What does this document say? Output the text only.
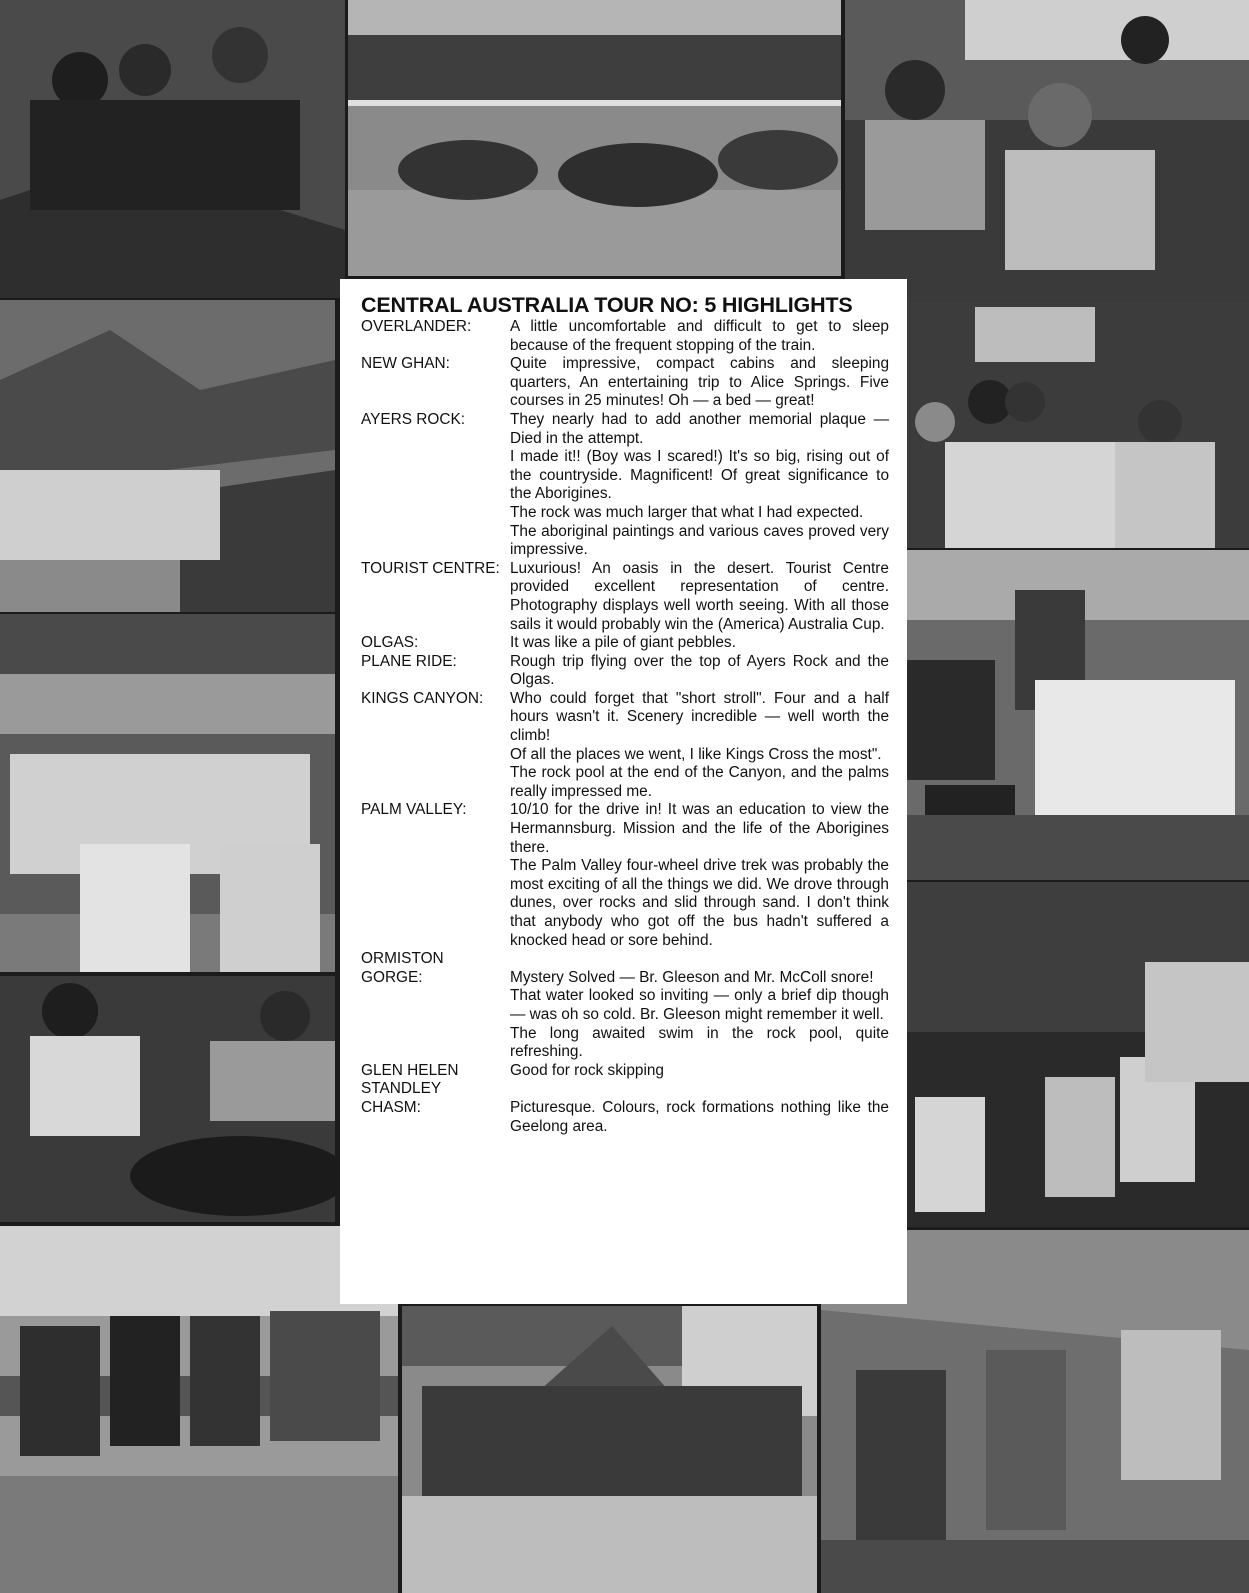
CENTRAL AUSTRALIA TOUR NO: 5 HIGHLIGHTS
OVERLANDER:	A little uncomfortable and difficult to get to sleep because of the frequent stopping of the train.
NEW GHAN:	Quite impressive, compact cabins and sleeping quarters, An entertaining trip to Alice Springs. Five courses in 25 minutes! Oh — a bed — great!
AYERS ROCK:	They nearly had to add another memorial plaque — Died in the attempt.
I made it!! (Boy was I scared!) It's so big, rising out of the countryside. Magnificent! Of great significance to the Aborigines.
The rock was much larger that what I had expected.
The aboriginal paintings and various caves proved very impressive.
TOURIST CENTRE: Luxurious! An oasis in the desert. Tourist Centre provided excellent representation of centre. Photography displays well worth seeing. With all those sails it would probably win the (America) Australia Cup.
OLGAS:	It was like a pile of giant pebbles.
PLANE RIDE:	Rough trip flying over the top of Ayers Rock and the Olgas.
KINGS CANYON:	Who could forget that "short stroll". Four and a half hours wasn't it. Scenery incredible — well worth the climb!
Of all the places we went, I like Kings Cross the most".
The rock pool at the end of the Canyon, and the palms really impressed me.
PALM VALLEY:	10/10 for the drive in! It was an education to view the Hermannsburg. Mission and the life of the Aborigines there.
The Palm Valley four-wheel drive trek was probably the most exciting of all the things we did. We drove through dunes, over rocks and slid through sand. I don't think that anybody who got off the bus hadn't suffered a knocked head or sore behind.
ORMISTON
GORGE:
	Mystery Solved — Br. Gleeson and Mr. McColl snore!
That water looked so inviting — only a brief dip though — was oh so cold. Br. Gleeson might remember it well.
The long awaited swim in the rock pool, quite refreshing.
GLEN HELEN	Good for rock skipping
STANDLEY
CHASM:
	Picturesque. Colours, rock formations nothing like the Geelong area.
